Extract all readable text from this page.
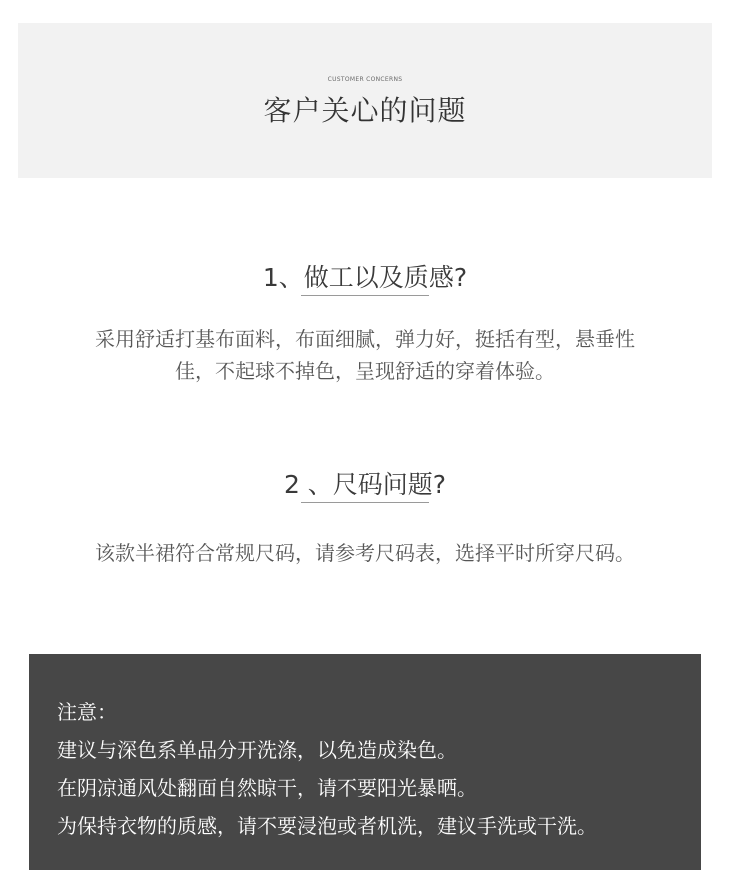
CUSTOMER CONCERNS
客户关心的问题
1、做工以及质感?
采用舒适打基布面料，布面细腻，弹力好，挺括有型，悬垂性
佳，不起球不掉色，呈现舒适的穿着体验。
2 、尺码问题?
该款半裙符合常规尺码，请参考尺码表，选择平时所穿尺码。
注意：
建议与深色系单品分开洗涤，以免造成染色。
在阴凉通风处翻面自然晾干，请不要阳光暴晒。
为保持衣物的质感，请不要浸泡或者机洗，建议手洗或干洗。
